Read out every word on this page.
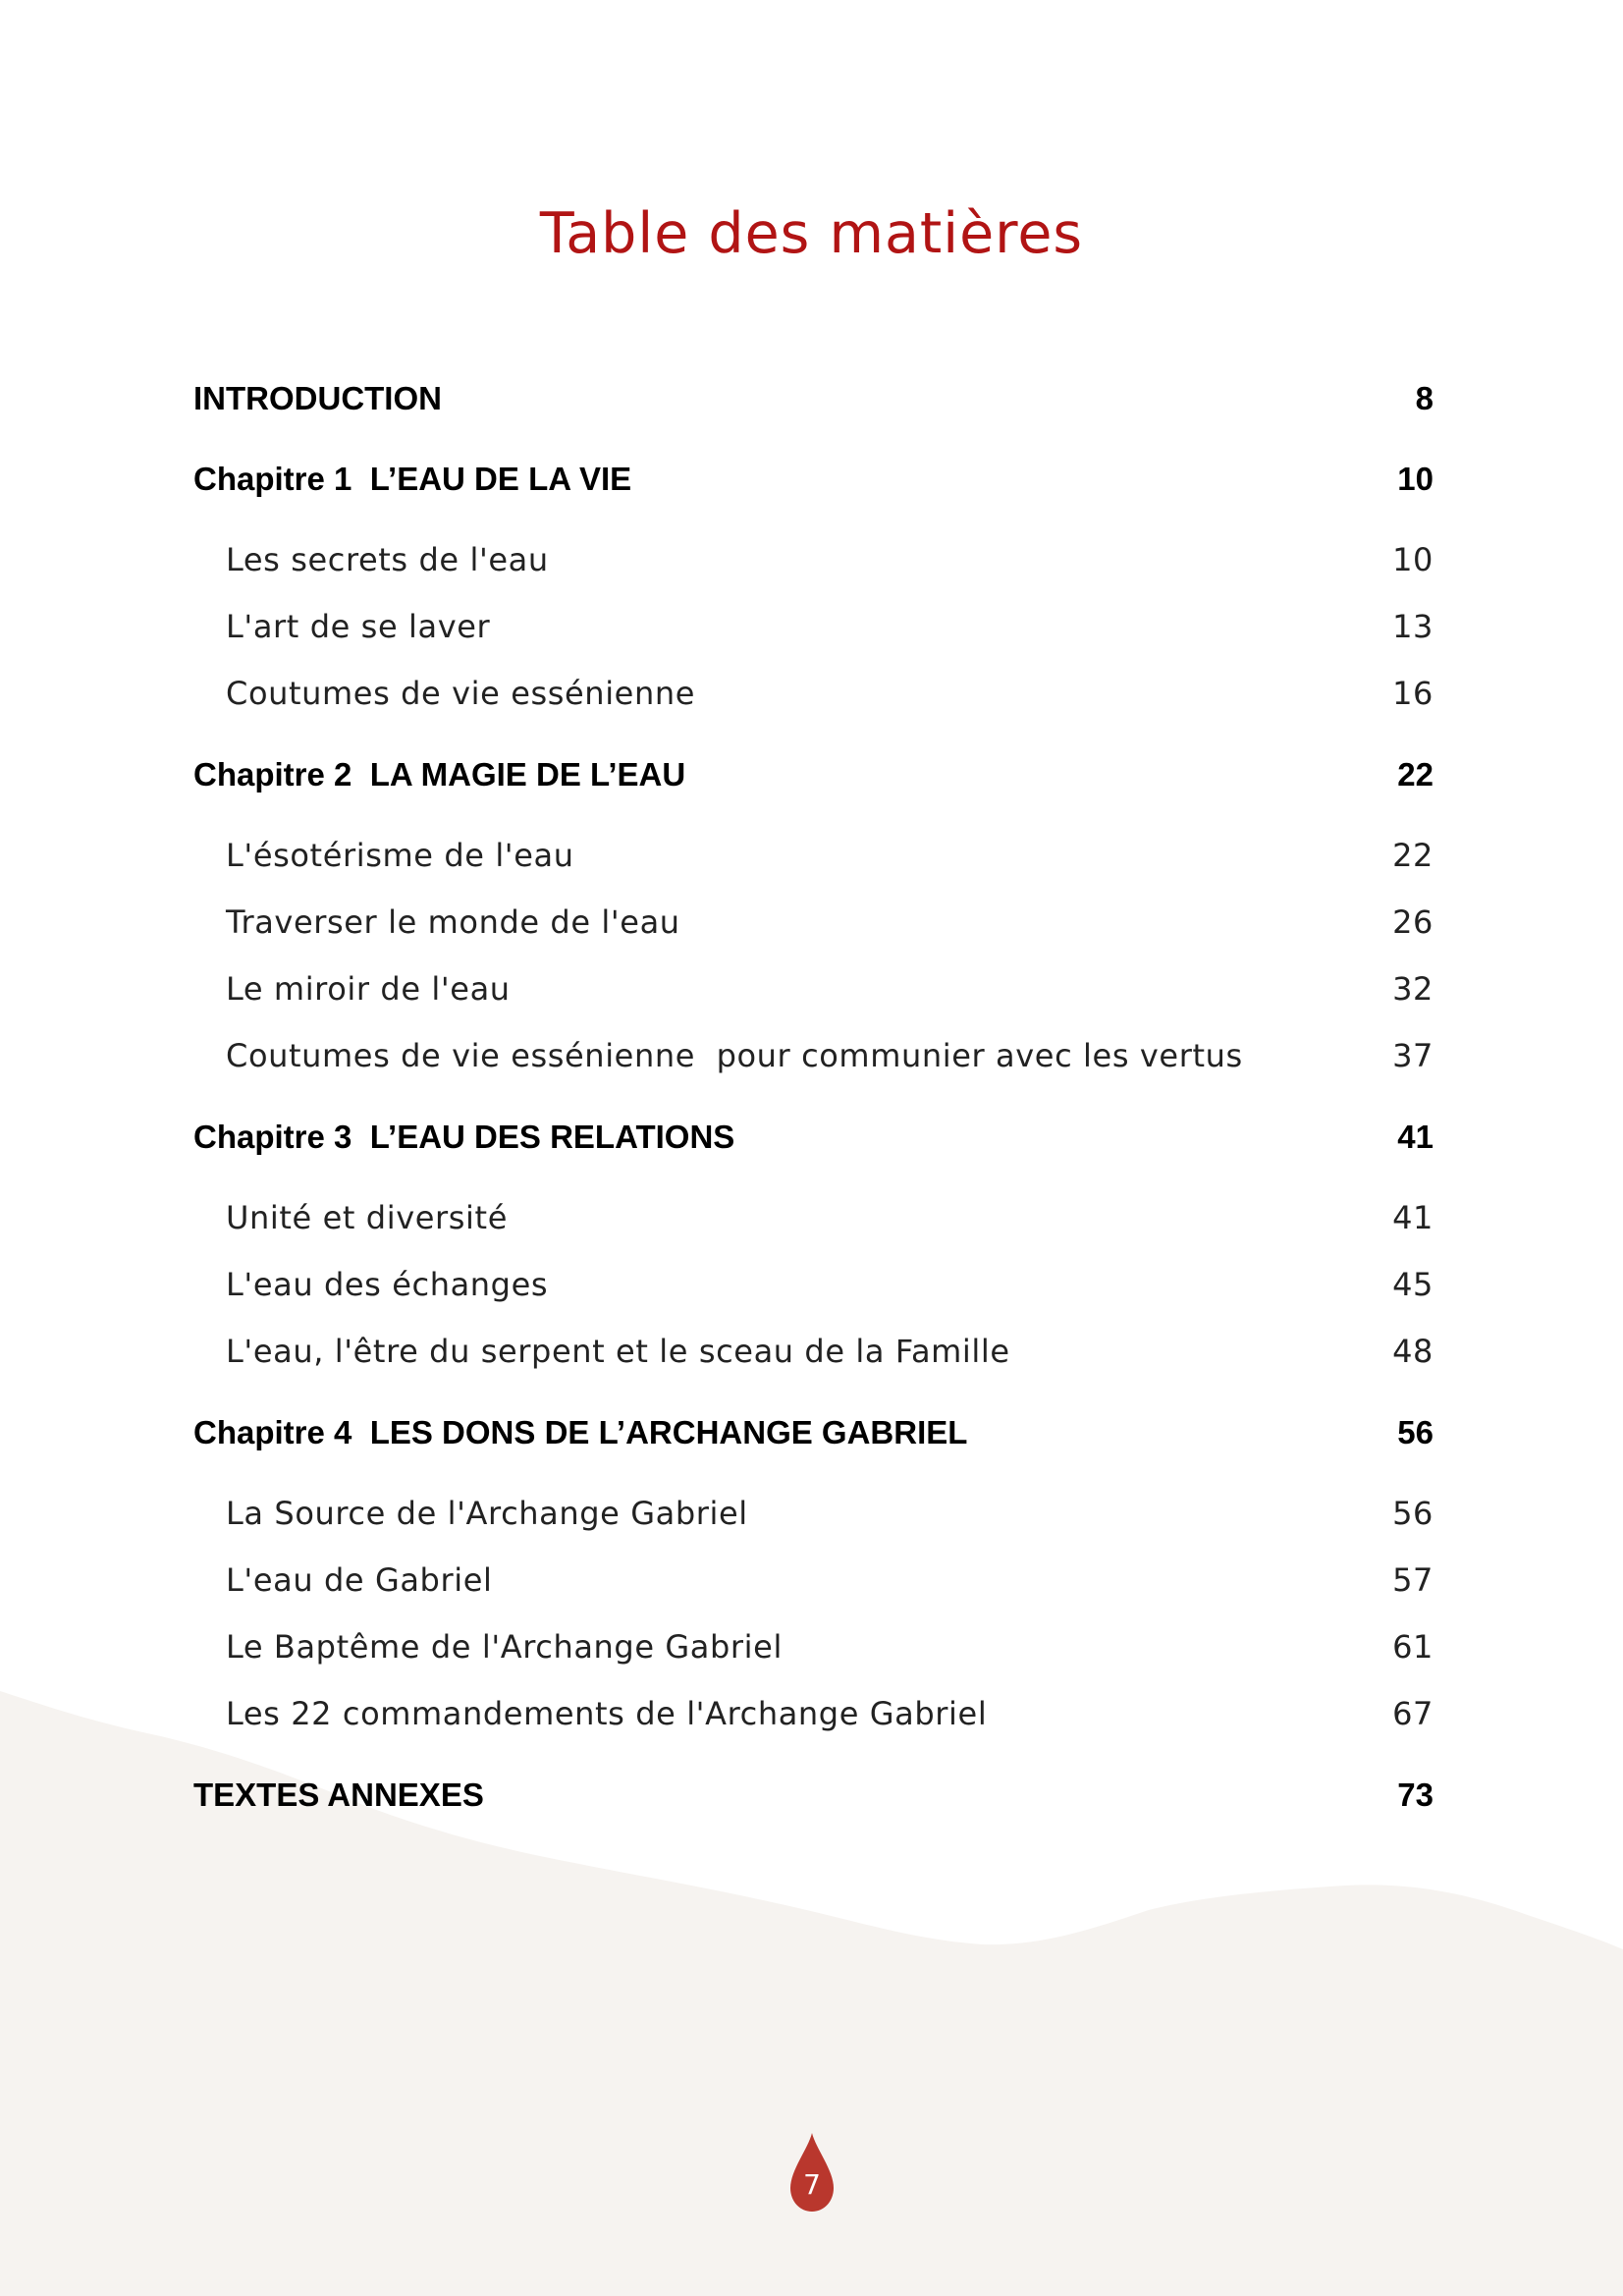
Table des matières
INTRODUCTION	8
Chapitre 1  L’EAU DE LA VIE	10
Les secrets de l'eau	10
L'art de se laver	13
Coutumes de vie essénienne	16
Chapitre 2  LA MAGIE DE L’EAU	22
L'ésotérisme de l'eau	22
Traverser le monde de l'eau	26
Le miroir de l'eau	32
Coutumes de vie essénienne  pour communier avec les vertus	37
Chapitre 3  L’EAU DES RELATIONS	41
Unité et diversité	41
L'eau des échanges	45
L'eau, l'être du serpent et le sceau de la Famille	48
Chapitre 4  LES DONS DE L’ARCHANGE GABRIEL	56
La Source de l'Archange Gabriel	56
L'eau de Gabriel	57
Le Baptême de l'Archange Gabriel	61
Les 22 commandements de l'Archange Gabriel	67
TEXTES ANNEXES	73
7
